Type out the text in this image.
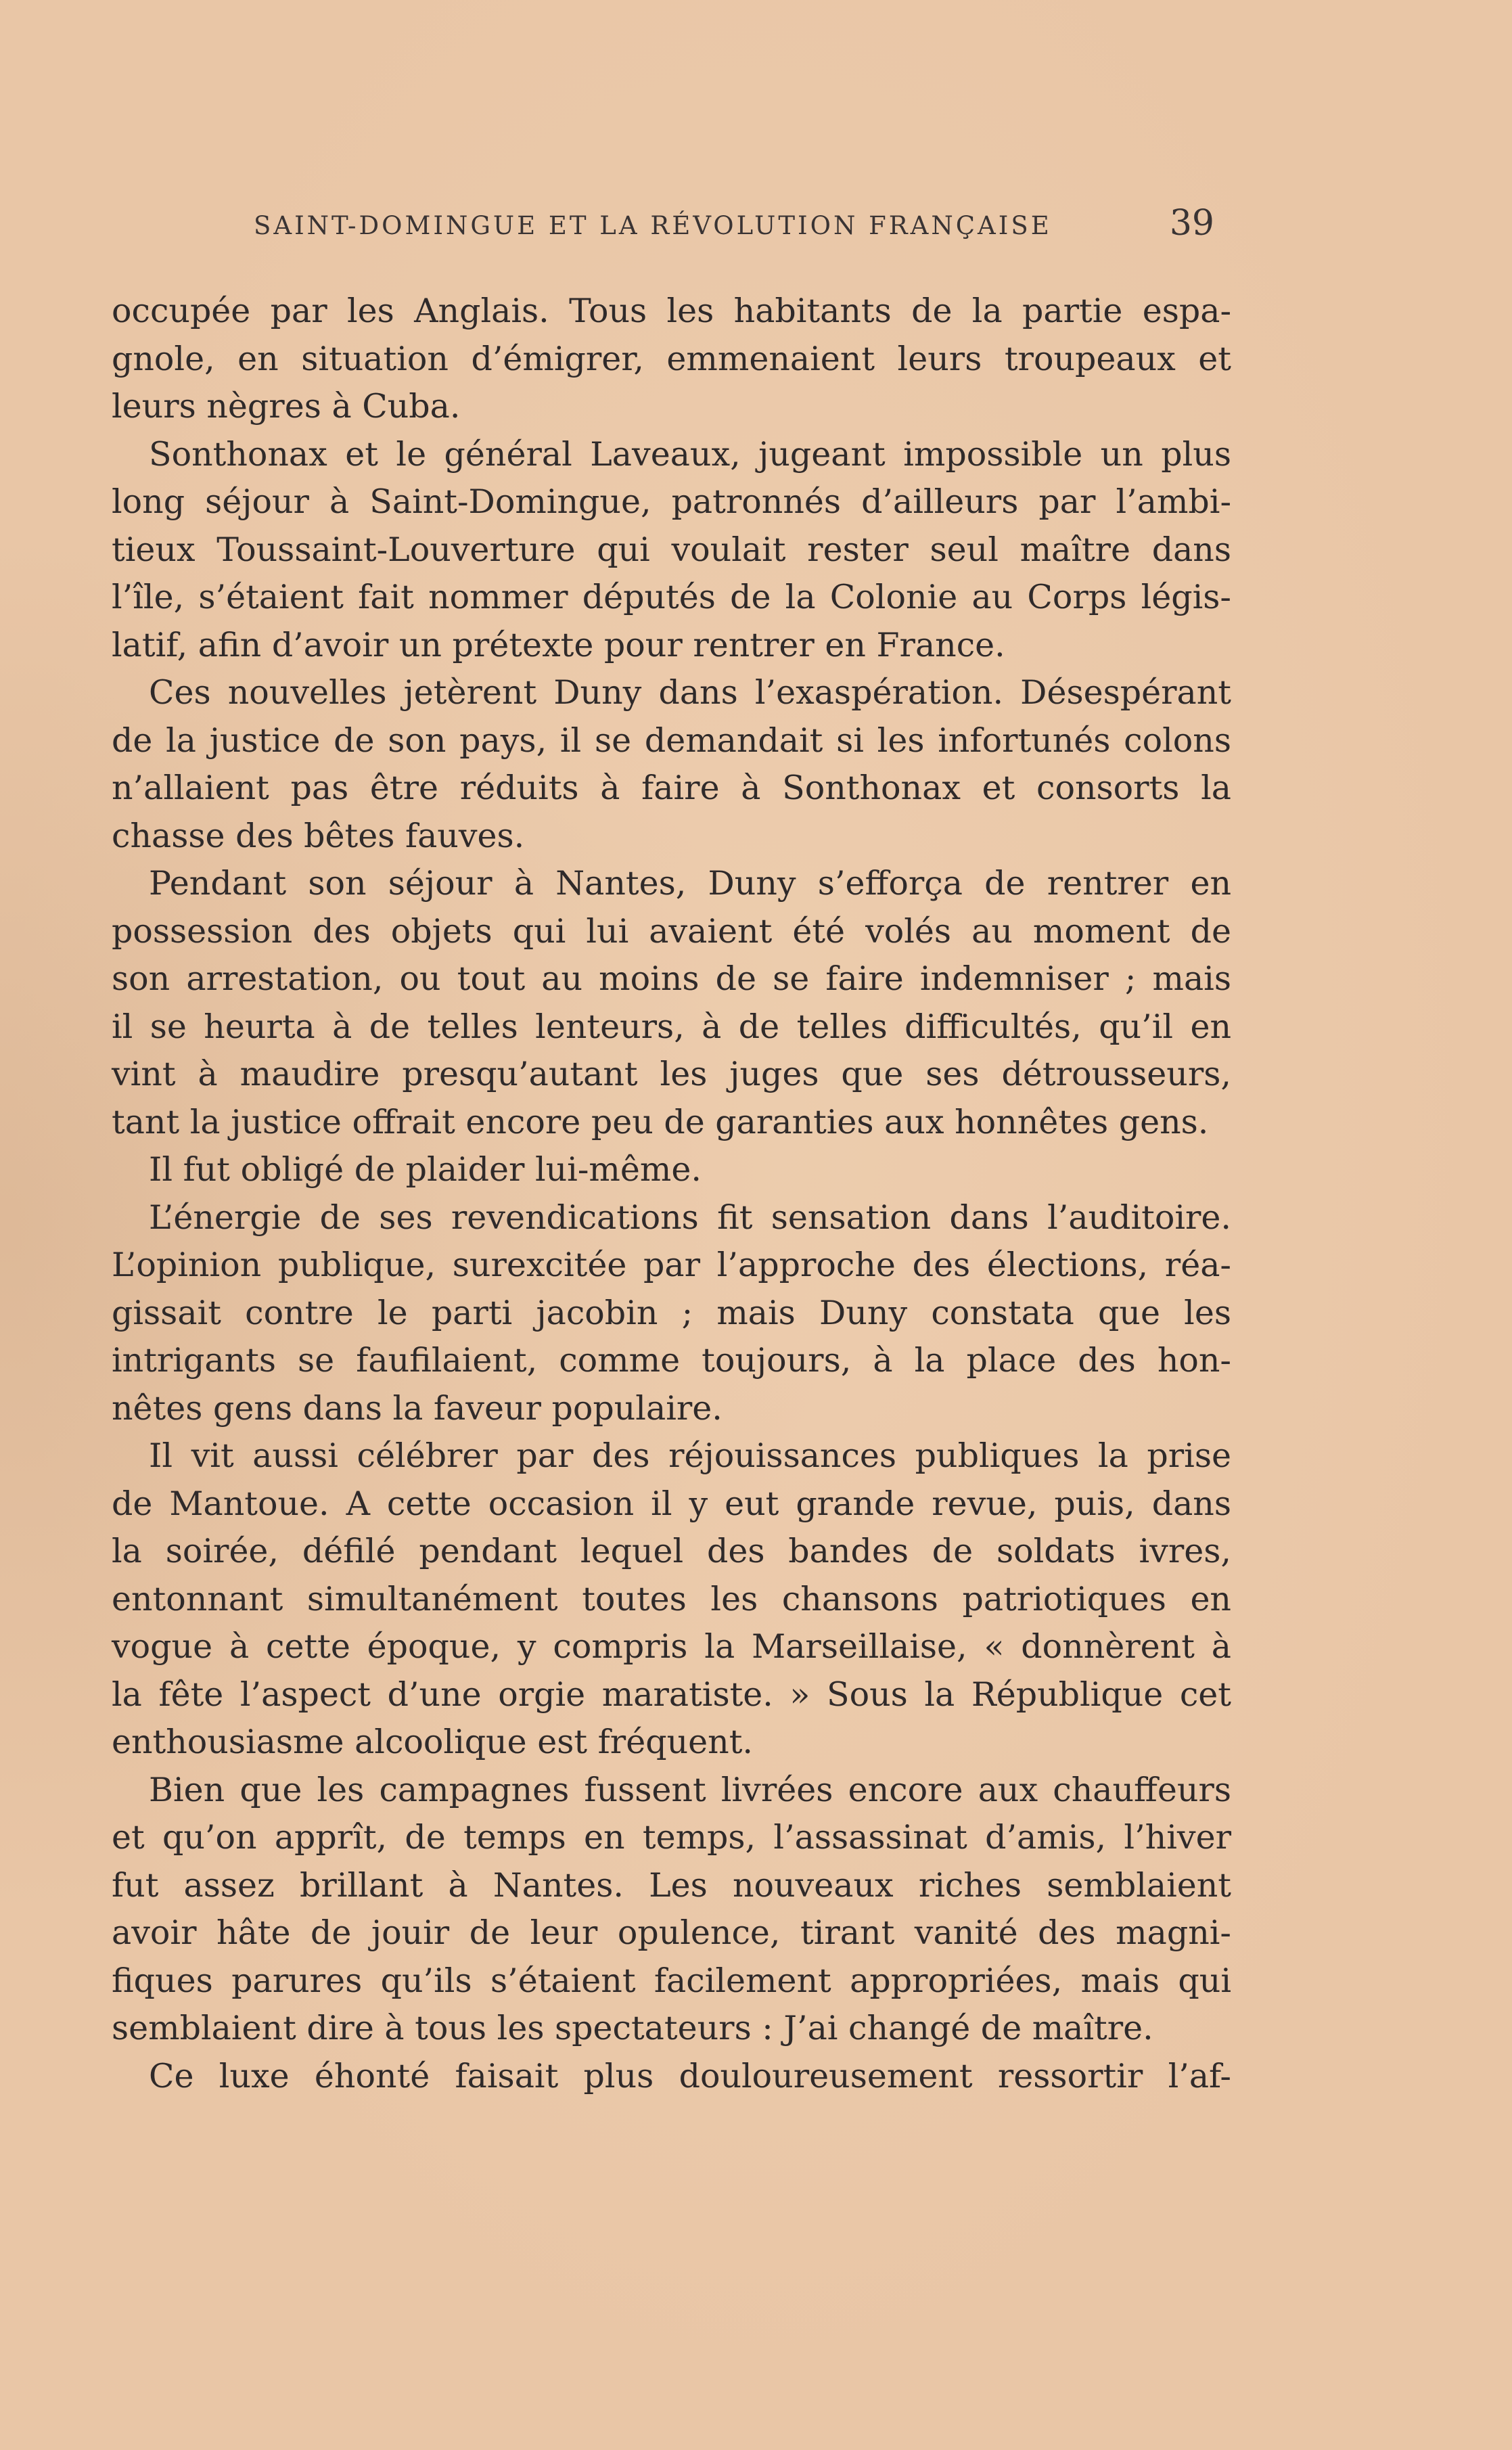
SAINT-DOMINGUE ET LA RÉVOLUTION FRANÇAISE	39
occupée par les Anglais. Tous les habitants de la partie espa-
gnole, en situation d’émigrer, emmenaient leurs troupeaux et
leurs nègres à Cuba.
Sonthonax et le général Laveaux, jugeant impossible un plus
long séjour à Saint-Domingue, patronnés d’ailleurs par l’ambi-
tieux Toussaint-Louverture qui voulait rester seul maître dans
l’île, s’étaient fait nommer députés de la Colonie au Corps légis-
latif, afin d’avoir un prétexte pour rentrer en France.
Ces nouvelles jetèrent Duny dans l’exaspération. Désespérant
de la justice de son pays, il se demandait si les infortunés colons
n’allaient pas être réduits à faire à Sonthonax et consorts la
chasse des bêtes fauves.
Pendant son séjour à Nantes, Duny s’efforça de rentrer en
possession des objets qui lui avaient été volés au moment de
son arrestation, ou tout au moins de se faire indemniser ; mais
il se heurta à de telles lenteurs, à de telles difficultés, qu’il en
vint à maudire presqu’autant les juges que ses détrousseurs,
tant la justice offrait encore peu de garanties aux honnêtes gens.
Il fut obligé de plaider lui-même.
L’énergie de ses revendications fit sensation dans l’auditoire.
L’opinion publique, surexcitée par l’approche des élections, réa-
gissait contre le parti jacobin ; mais Duny constata que les
intrigants se faufilaient, comme toujours, à la place des hon-
nêtes gens dans la faveur populaire.
Il vit aussi célébrer par des réjouissances publiques la prise
de Mantoue. A cette occasion il y eut grande revue, puis, dans
la soirée, défilé pendant lequel des bandes de soldats ivres,
entonnant simultanément toutes les chansons patriotiques en
vogue à cette époque, y compris la Marseillaise, « donnèrent à
la fête l’aspect d’une orgie maratiste. » Sous la République cet
enthousiasme alcoolique est fréquent.
Bien que les campagnes fussent livrées encore aux chauffeurs
et qu’on apprît, de temps en temps, l’assassinat d’amis, l’hiver
fut assez brillant à Nantes. Les nouveaux riches semblaient
avoir hâte de jouir de leur opulence, tirant vanité des magni-
fiques parures qu’ils s’étaient facilement appropriées, mais qui
semblaient dire à tous les spectateurs : J’ai changé de maître.
Ce luxe éhonté faisait plus douloureusement ressortir l’af-
